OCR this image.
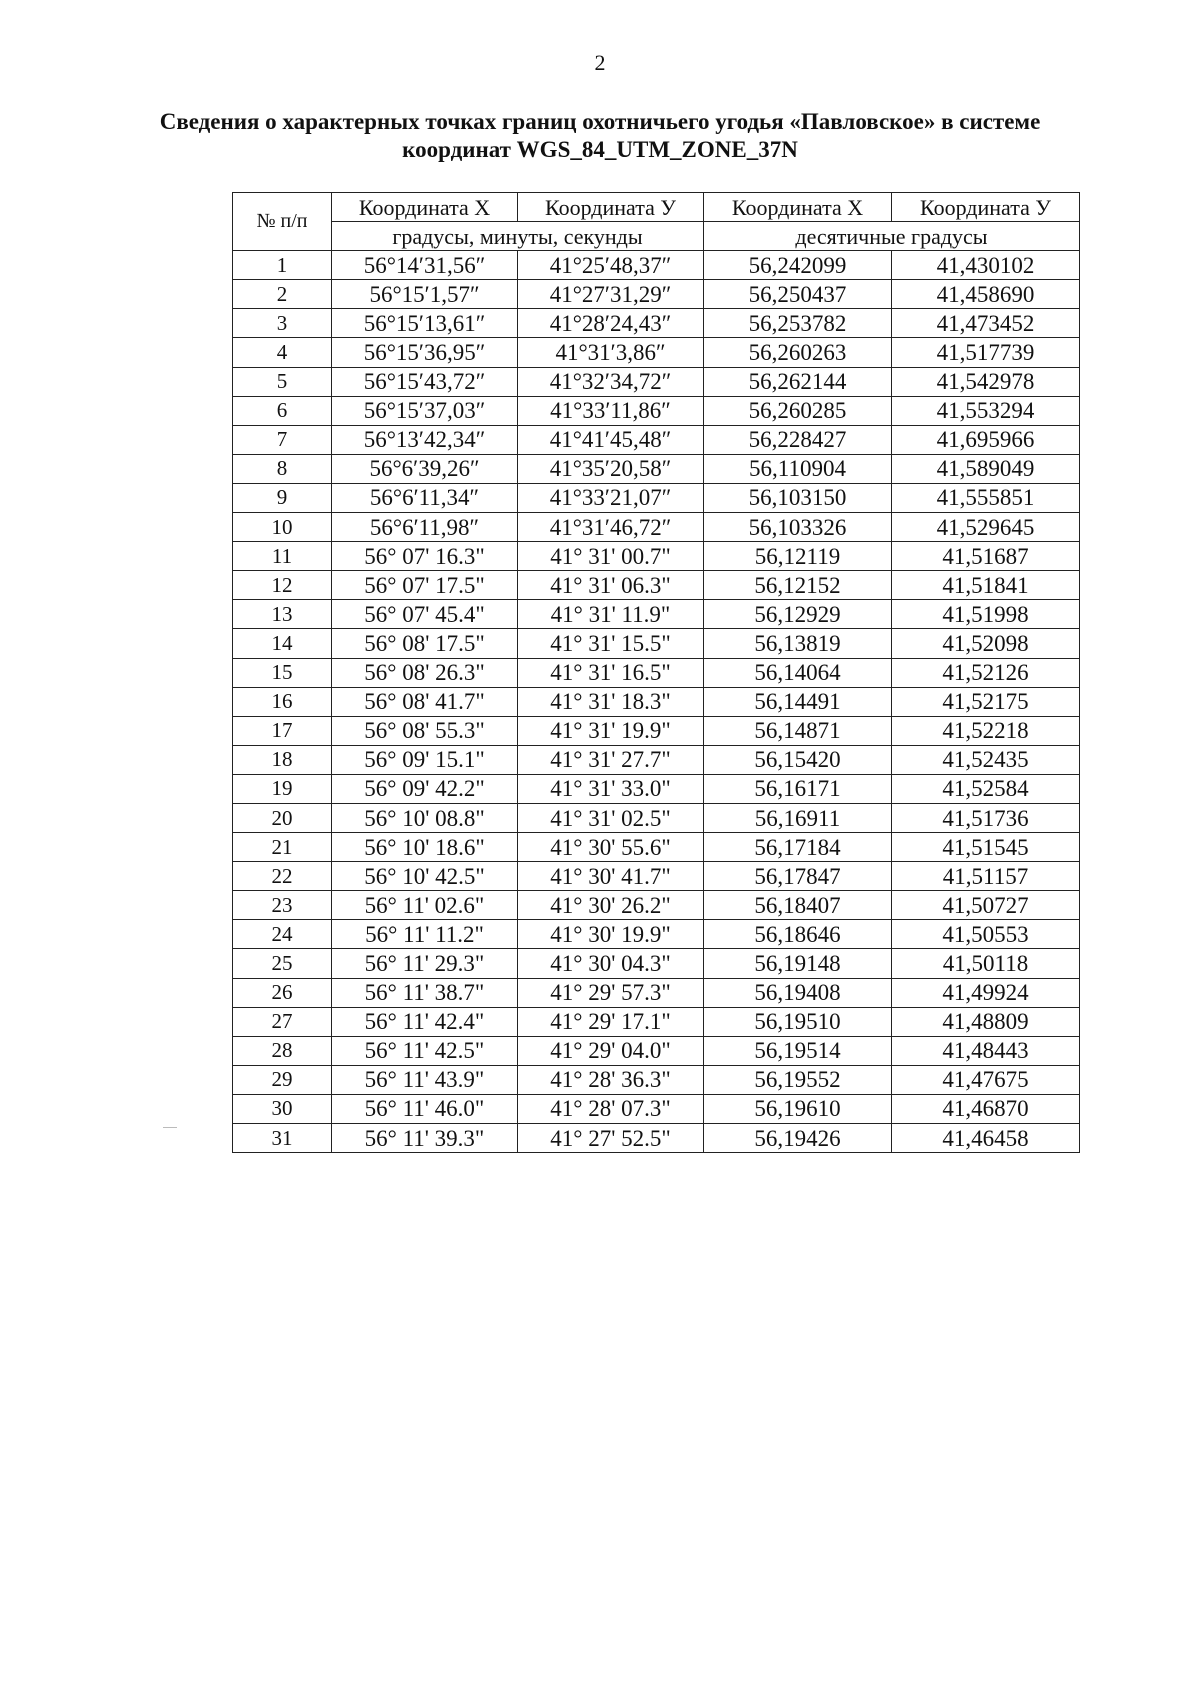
2
Сведения о характерных точках границ охотничьего угодья «Павловское» в системе
координат WGS_84_UTM_ZONE_37N
№ п/п	Координата Х	Координата У	Координата Х	Координата У
	градусы, минуты, секунды		десятичные градусы	
1	56°14′31,56″	41°25′48,37″	56,242099	41,430102
2	56°15′1,57″	41°27′31,29″	56,250437	41,458690
3	56°15′13,61″	41°28′24,43″	56,253782	41,473452
4	56°15′36,95″	41°31′3,86″	56,260263	41,517739
5	56°15′43,72″	41°32′34,72″	56,262144	41,542978
6	56°15′37,03″	41°33′11,86″	56,260285	41,553294
7	56°13′42,34″	41°41′45,48″	56,228427	41,695966
8	56°6′39,26″	41°35′20,58″	56,110904	41,589049
9	56°6′11,34″	41°33′21,07″	56,103150	41,555851
10	56°6′11,98″	41°31′46,72″	56,103326	41,529645
11	56° 07' 16.3"	41° 31' 00.7"	56,12119	41,51687
12	56° 07' 17.5"	41° 31' 06.3"	56,12152	41,51841
13	56° 07' 45.4"	41° 31' 11.9"	56,12929	41,51998
14	56° 08' 17.5"	41° 31' 15.5"	56,13819	41,52098
15	56° 08' 26.3"	41° 31' 16.5"	56,14064	41,52126
16	56° 08' 41.7"	41° 31' 18.3"	56,14491	41,52175
17	56° 08' 55.3"	41° 31' 19.9"	56,14871	41,52218
18	56° 09' 15.1"	41° 31' 27.7"	56,15420	41,52435
19	56° 09' 42.2"	41° 31' 33.0"	56,16171	41,52584
20	56° 10' 08.8"	41° 31' 02.5"	56,16911	41,51736
21	56° 10' 18.6"	41° 30' 55.6"	56,17184	41,51545
22	56° 10' 42.5"	41° 30' 41.7"	56,17847	41,51157
23	56° 11' 02.6"	41° 30' 26.2"	56,18407	41,50727
24	56° 11' 11.2"	41° 30' 19.9"	56,18646	41,50553
25	56° 11' 29.3"	41° 30' 04.3"	56,19148	41,50118
26	56° 11' 38.7"	41° 29' 57.3"	56,19408	41,49924
27	56° 11' 42.4"	41° 29' 17.1"	56,19510	41,48809
28	56° 11' 42.5"	41° 29' 04.0"	56,19514	41,48443
29	56° 11' 43.9"	41° 28' 36.3"	56,19552	41,47675
30	56° 11' 46.0"	41° 28' 07.3"	56,19610	41,46870
31	56° 11' 39.3"	41° 27' 52.5"	56,19426	41,46458
